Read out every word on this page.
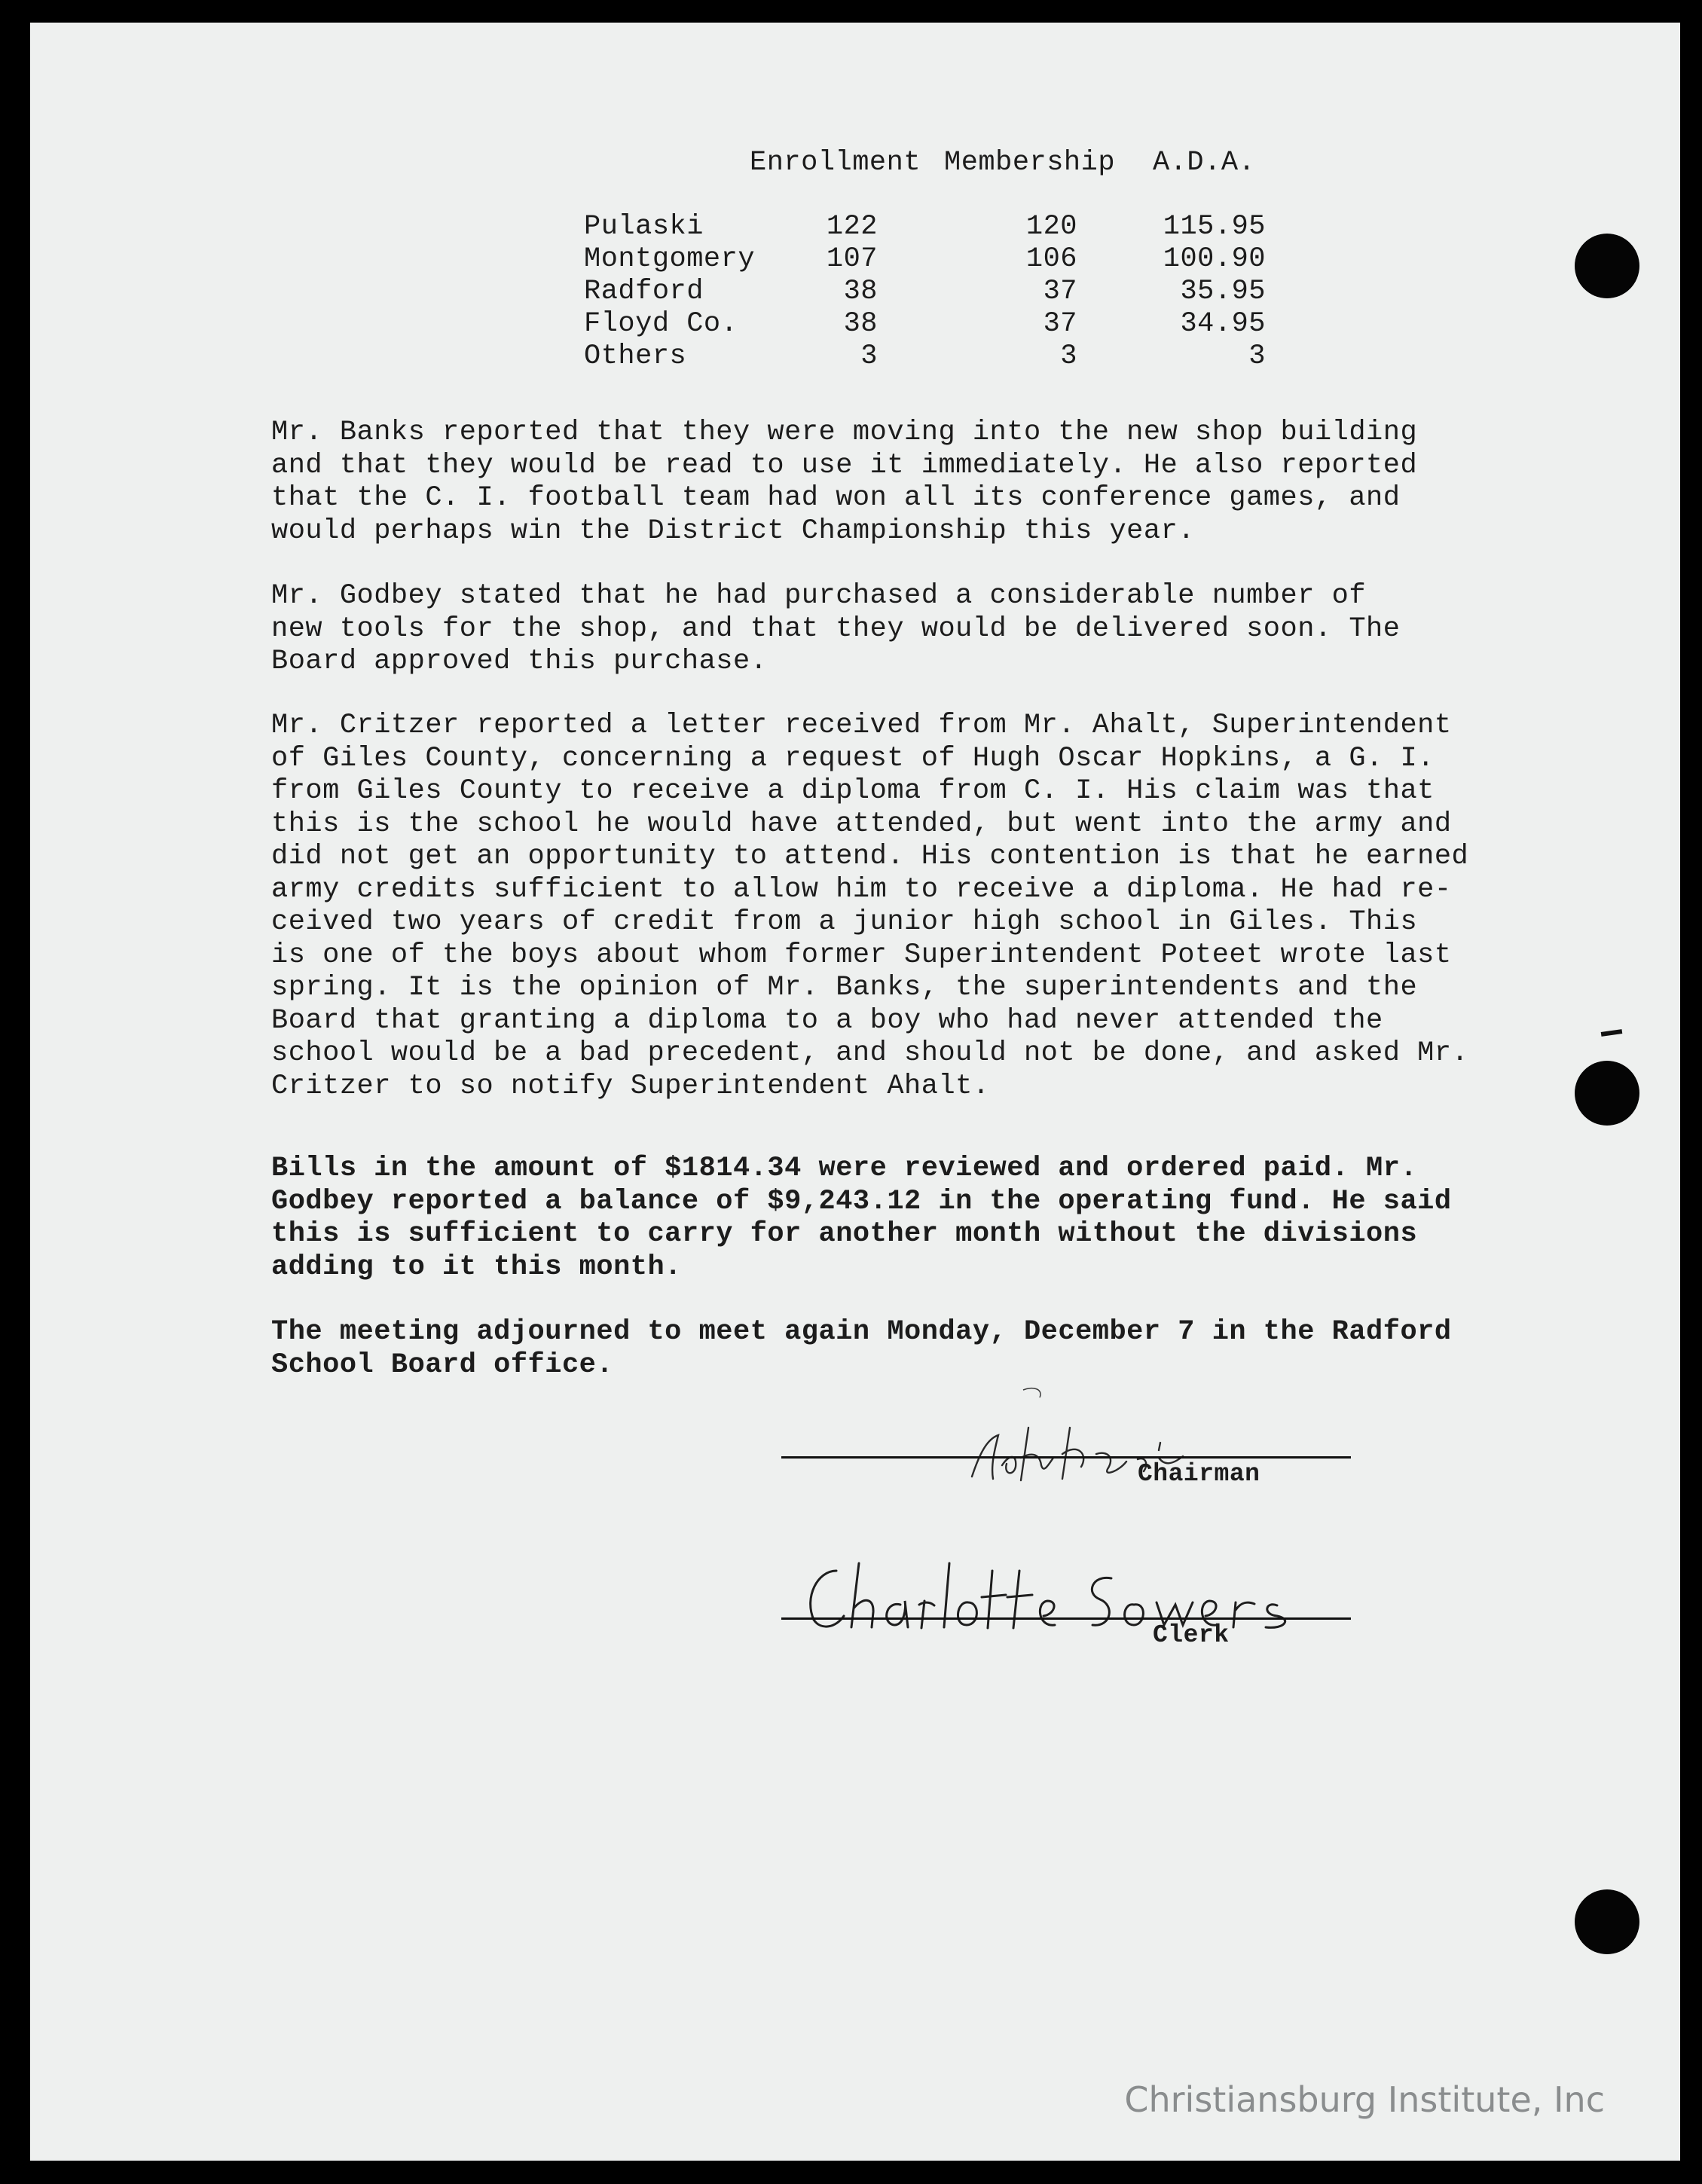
Enrollment Membership A.D.A.
Pulaski	122	120	115.95
Montgomery	107	106	100.90
Radford	38	37	35.95
Floyd Co.	38	37	34.95
Others	3	3	3

Mr. Banks reported that they were moving into the new shop building
and that they would be read to use it immediately. He also reported
that the C. I. football team had won all its conference games, and
would perhaps win the District Championship this year.

Mr. Godbey stated that he had purchased a considerable number of
new tools for the shop, and that they would be delivered soon. The
Board approved this purchase.

Mr. Critzer reported a letter received from Mr. Ahalt, Superintendent
of Giles County, concerning a request of Hugh Oscar Hopkins, a G. I.
from Giles County to receive a diploma from C. I. His claim was that
this is the school he would have attended, but went into the army and
did not get an opportunity to attend. His contention is that he earned
army credits sufficient to allow him to receive a diploma. He had re-
ceived two years of credit from a junior high school in Giles. This
is one of the boys about whom former Superintendent Poteet wrote last
spring. It is the opinion of Mr. Banks, the superintendents and the
Board that granting a diploma to a boy who had never attended the
school would be a bad precedent, and should not be done, and asked Mr.
Critzer to so notify Superintendent Ahalt.

Bills in the amount of $1814.34 were reviewed and ordered paid. Mr.
Godbey reported a balance of $9,243.12 in the operating fund. He said
this is sufficient to carry for another month without the divisions
adding to it this month.

The meeting adjourned to meet again Monday, December 7 in the Radford
School Board office.

Chairman
Clerk
Christiansburg Institute, Inc
